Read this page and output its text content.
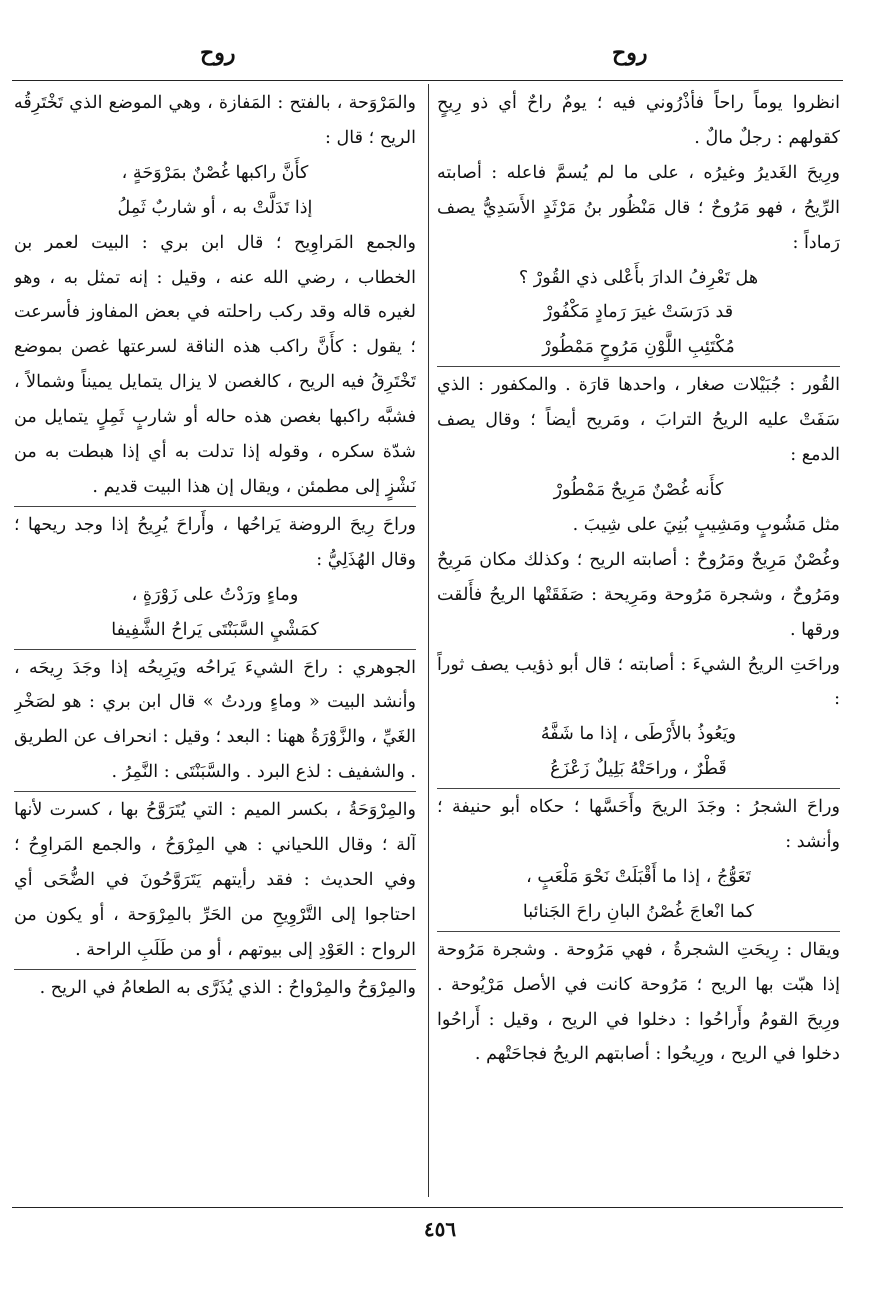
روح
روح

انظروا يوماً راحاً فأذْرُوني فيه ؛ يومٌ راحٌ أي ذو رِيحٍ كقولهم : رجلٌ مالٌ .

ورِيحَ الغَديرُ وغيرُه ، على ما لم يُسمَّ فاعله : أصابته الرِّيحُ ، فهو مَرُوحٌ ؛ قال مَنْظُور بنُ مَرْثَدٍ الأَسَدِيُّ يصف رَماداً :

هل تَعْرِفُ الدارَ بأَعْلى ذي القُورْ ؟

قد دَرَسَتْ غيرَ رَمادٍ مَكْفُورْ

مُكْتَئِبِ اللَّوْنِ مَرُوحٍ مَمْطُورْ

القُور : جُبَيْلات صغار ، واحدها قارَة . والمكفور : الذي سَفَتْ عليه الريحُ الترابَ ، ومَريح أيضاً ؛ وقال يصف الدمع :

كأَنه غُصْنٌ مَرِيحٌ مَمْطُورْ

مثل مَشُوبٍ ومَشِيبٍ بُنِيَ على شِيبَ .

وغُصْنٌ مَرِيحٌ ومَرُوحٌ : أصابته الريح ؛ وكذلك مكان مَرِيحٌ ومَرُوحٌ ، وشجرة مَرُوحة ومَرِيحة : صَفَقَتْها الريحُ فأَلقت ورقها .

وراحَتِ الريحُ الشيءَ : أصابته ؛ قال أبو ذؤيب يصف ثوراً :

ويَعُوذُ بالأَرْطَى ، إذا ما شَفَّهُ

قَطْرٌ ، وراحَتْهُ بَلِيلٌ زَعْزَعُ

وراحَ الشجرُ : وجَدَ الريحَ وأَحَسَّها ؛ حكاه أبو حنيفة ؛ وأنشد :

تَعَوُّجُ ، إذا ما أَقْبَلَتْ نَحْوَ مَلْعَبٍ ،

كما انْعاجَ غُصْنُ البانِ راحَ الجَنائبا

ويقال : رِيحَتِ الشجرةُ ، فهي مَرُوحة . وشجرة مَرُوحة إذا هبّت بها الريح ؛ مَرُوحة كانت في الأصل مَرْيُوحة . ورِيحَ القومُ وأَراحُوا : دخلوا في الريح ، وقيل : أَراحُوا دخلوا في الريح ، ورِيحُوا : أصابتهم الريحُ فجاحَتْهم .

والمَرْوَحة ، بالفتح : المَفازة ، وهي الموضع الذي تَخْتَرِقُه الريح ؛ قال :

كأَنَّ راكبها غُصْنٌ بمَرْوَحَةٍ ،

إذا تَدَلَّتْ به ، أو شاربٌ ثَمِلُ

والجمع المَراوِيح ؛ قال ابن بري : البيت لعمر بن الخطاب ، رضي الله عنه ، وقيل : إنه تمثل به ، وهو لغيره قاله وقد ركب راحلته في بعض المفاوز فأسرعت ؛ يقول : كأَنَّ راكب هذه الناقة لسرعتها غصن بموضع تَخْتَرِقُ فيه الريح ، كالغصن لا يزال يتمايل يميناً وشمالاً ، فشبَّه راكبها بغصن هذه حاله أو شاربٍ ثَمِلٍ يتمايل من شدّة سكره ، وقوله إذا تدلت به أي إذا هبطت به من نَشْزٍ إلى مطمئن ، ويقال إن هذا البيت قديم .

وراحَ رِيحَ الروضة يَراحُها ، وأَراحَ يُرِيحُ إذا وجد ريحها ؛ وقال الهُذَلِيُّ :

وماءٍ ورَدْتُ على زَوْرَةٍ ،

كمَشْيِ السَّبَنْتَى يَراحُ الشَّفِيفا

الجوهري : راحَ الشيءَ يَراحُه ويَرِيحُه إذا وجَدَ رِيحَه ، وأنشد البيت « وماءٍ وردتُ » قال ابن بري : هو لصَخْرِ الغَيِّ ، والزَّوْرَةُ ههنا : البعد ؛ وقيل : انحراف عن الطريق . والشفيف : لذع البرد . والسَّبَنْتَى : النَّمِرُ .

والمِرْوَحَةُ ، بكسر الميم : التي يُتَرَوَّحُ بها ، كسرت لأنها آلة ؛ وقال اللحياني : هي المِرْوَحُ ، والجمع المَراوِحُ ؛ وفي الحديث : فقد رأيتهم يَتَرَوَّحُونَ في الضُّحَى أي احتاجوا إلى التَّرْوِيحِ من الحَرِّ بالمِرْوَحة ، أو يكون من الرواح : العَوْدِ إلى بيوتهم ، أو من طَلَبِ الراحة .

والمِرْوَحُ والمِرْواحُ : الذي يُذَرَّى به الطعامُ في الريح .

٤٥٦
